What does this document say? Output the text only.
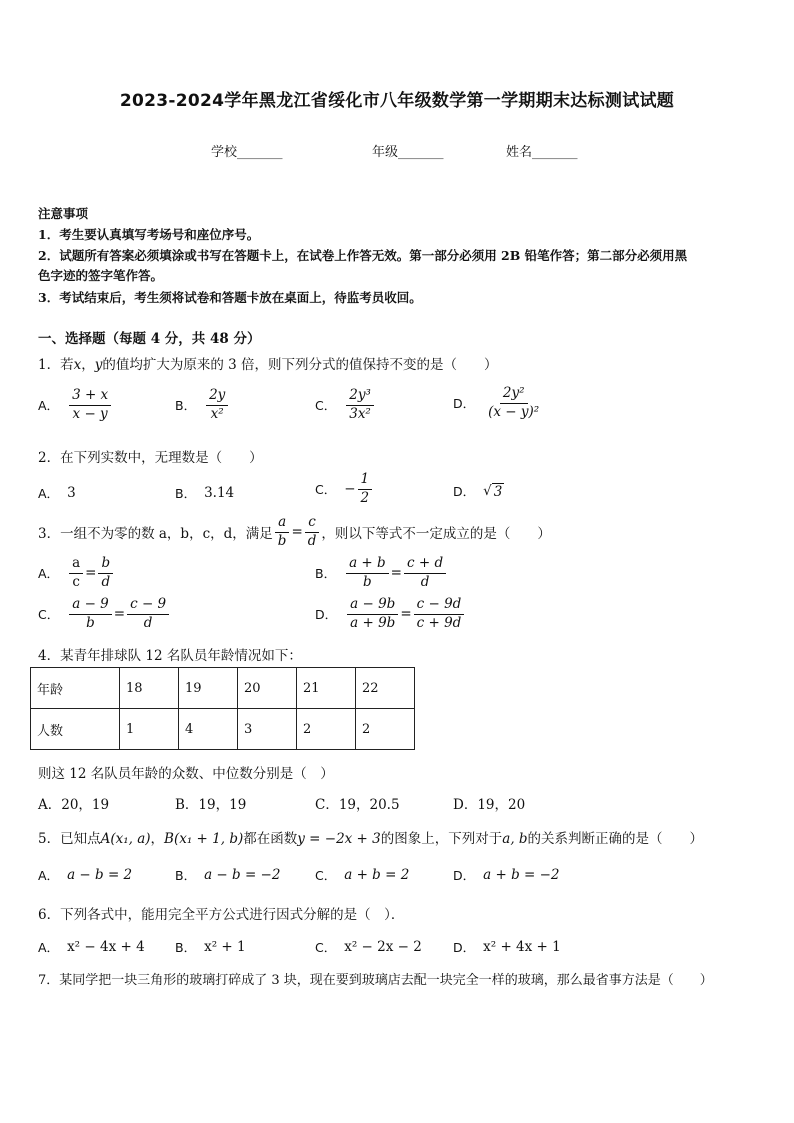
2023-2024学年黑龙江省绥化市八年级数学第一学期期末达标测试试题
学校_______	年级_______	姓名_______
注意事项
1．考生要认真填写考场号和座位序号。
2．试题所有答案必须填涂或书写在答题卡上，在试卷上作答无效。第一部分必须用 2B 铅笔作答；第二部分必须用黑
色字迹的签字笔作答。
3．考试结束后，考生须将试卷和答题卡放在桌面上，待监考员收回。
一、选择题（每题 4 分，共 48 分）
1．若x，y的值均扩大为原来的 3 倍，则下列分式的值保持不变的是（　　）
A． $\frac{3 + x}{x - y}$	B． $\frac{2y}{\text{x²}}$	C． $\frac{\text{2y³}}{\text{3x²}}$	D． $\frac{\text{2y²}}{\text{(x − y)²}}$
2．在下列实数中，无理数是（　　）
A． 3	B． 3.14	C． − $\frac{1}{2}$	D． √ 3
3．一组不为零的数 a，b，c，d，满足 $\frac{a}{b} = \frac{c}{d}$ ，则以下等式不一定成立的是（　　）
A． $\frac{a}{c} = \frac{b}{d}$	B． $\frac{a + b}{b} = \frac{c + d}{d}$
C． $\frac{a - 9}{b} = \frac{c - 9}{d}$	D． $\frac{a - 9b}{a + 9b} = \frac{c - 9d}{c + 9d}$
4．某青年排球队 12 名队员年龄情况如下：
年龄	18	19	20	21	22
人数	1	4	3	2	2
则这 12 名队员年龄的众数、中位数分别是（　）
A．20，19	B．19，19	C．19，20.5	D．19，20
5．已知点A(x₁, a)，B(x₁ + 1, b)都在函数y = −2x + 3的图象上，下列对于a, b的关系判断正确的是（　　）
A． a − b = 2	B． a − b = −2	C． a + b = 2	D． a + b = −2
6．下列各式中，能用完全平方公式进行因式分解的是（　）．
A． x² − 4x + 4 B． x² + 1	C． x² − 2x − 2 D． x² + 4x + 1
7．某同学把一块三角形的玻璃打碎成了 3 块，现在要到玻璃店去配一块完全一样的玻璃，那么最省事方法是（　　）
